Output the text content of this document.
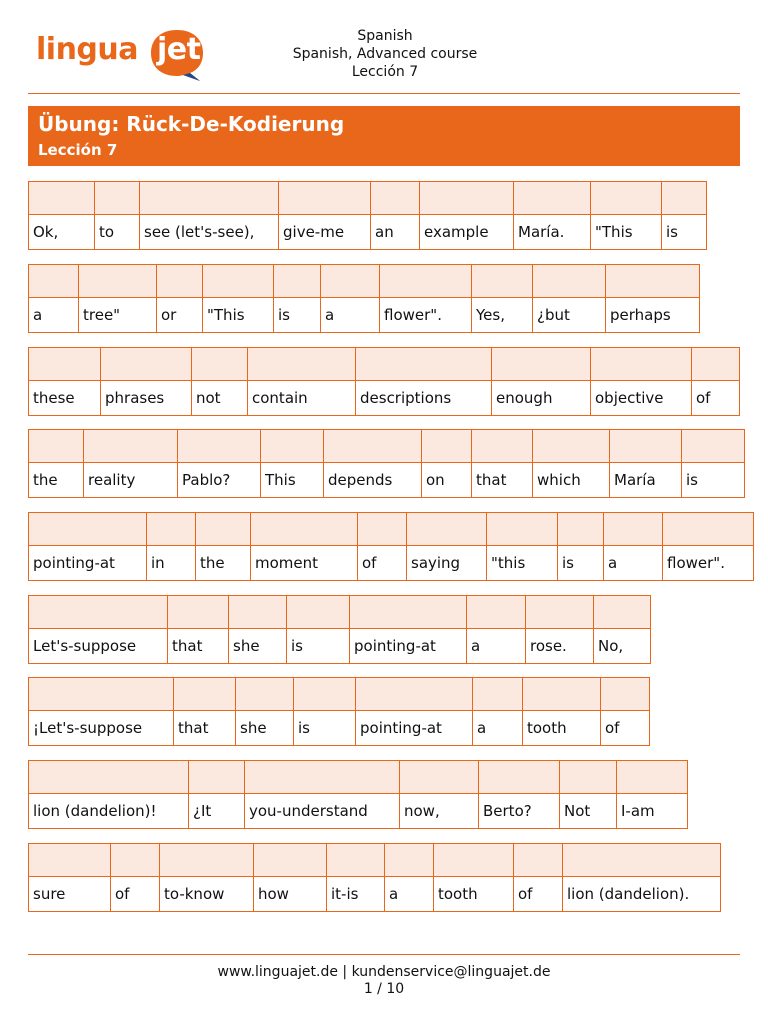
lingua jet	Spanish
Spanish, Advanced course
Lección 7
Übung: Rück-De-Kodierung
Lección 7
Ok,	to	see (let's-see),	give-me	an	example	María.	"This	is
a	tree"	or	"This	is	a	flower".	Yes,	¿but	perhaps
these	phrases	not	contain	descriptions	enough	objective	of
the	reality	Pablo?	This	depends	on	that	which	María	is
pointing-at	in	the	moment	of	saying	"this	is	a	flower".
Let's-suppose	that	she	is	pointing-at	a	rose.	No,
¡Let's-suppose	that	she	is	pointing-at	a	tooth	of
lion (dandelion)!	¿It	you-understand	now,	Berto?	Not	I-am
sure	of	to-know	how	it-is	a	tooth	of	lion (dandelion).
www.linguajet.de | kundenservice@linguajet.de
1 / 10
